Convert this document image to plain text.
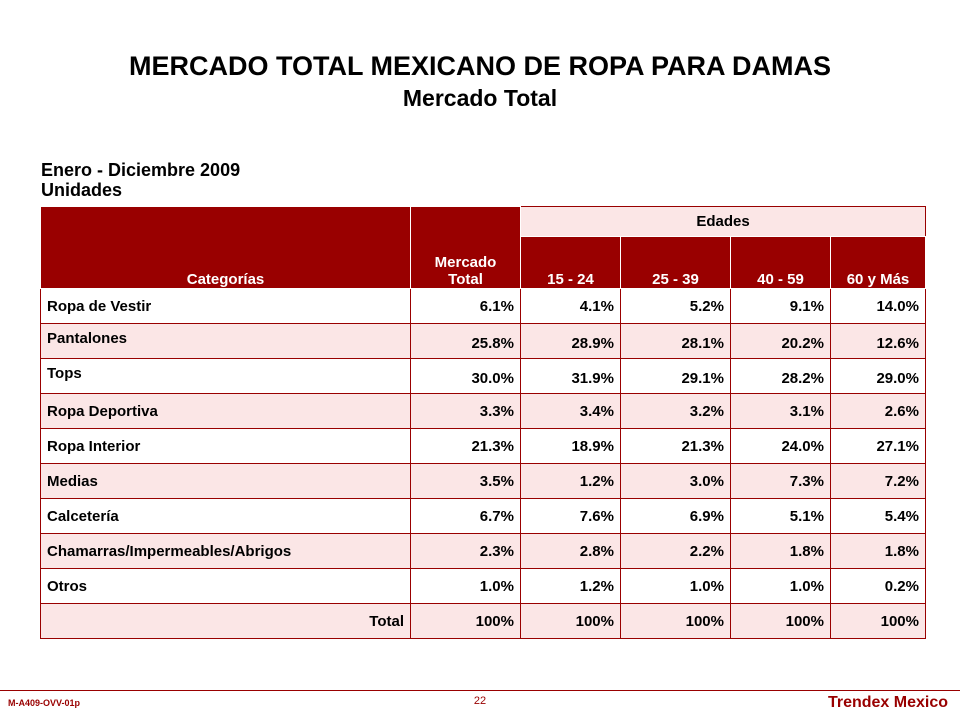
MERCADO TOTAL MEXICANO DE ROPA PARA DAMAS
Mercado Total
Enero - Diciembre 2009
Unidades
Categorías	Mercado Total	Edades			
		15 - 24	25 - 39	40 - 59	60 y Más
Ropa de Vestir	6.1%	4.1%	5.2%	9.1%	14.0%
Pantalones	25.8%	28.9%	28.1%	20.2%	12.6%
Tops	30.0%	31.9%	29.1%	28.2%	29.0%
Ropa Deportiva	3.3%	3.4%	3.2%	3.1%	2.6%
Ropa Interior	21.3%	18.9%	21.3%	24.0%	27.1%
Medias	3.5%	1.2%	3.0%	7.3%	7.2%
Calcetería	6.7%	7.6%	6.9%	5.1%	5.4%
Chamarras/Impermeables/Abrigos	2.3%	2.8%	2.2%	1.8%	1.8%
Otros	1.0%	1.2%	1.0%	1.0%	0.2%
Total	100%	100%	100%	100%	100%
M-A409-OVV-01p	22	Trendex Mexico
